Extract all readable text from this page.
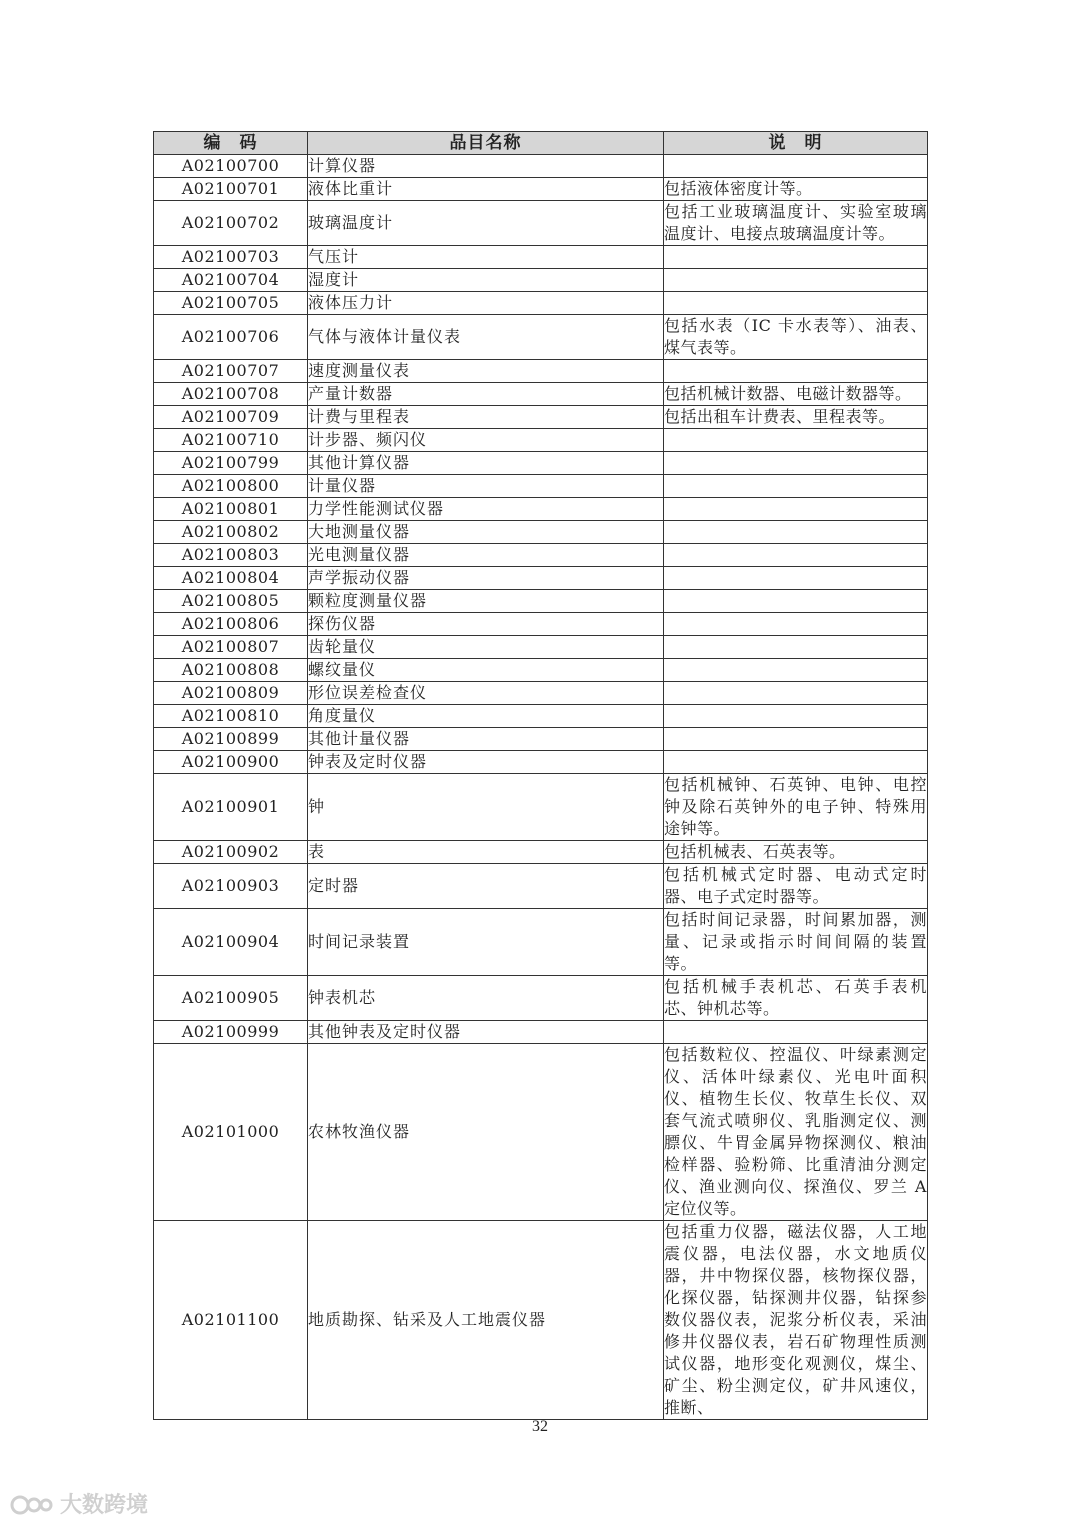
编　码	品目名称	说　明
A02100700	计算仪器	
A02100701	液体比重计	包括液体密度计等。
A02100702	玻璃温度计	包括工业玻璃温度计、实验室玻璃温度计、电接点玻璃温度计等。
A02100703	气压计	
A02100704	湿度计	
A02100705	液体压力计	
A02100706	气体与液体计量仪表	包括水表（IC 卡水表等）、油表、煤气表等。
A02100707	速度测量仪表	
A02100708	产量计数器	包括机械计数器、电磁计数器等。
A02100709	计费与里程表	包括出租车计费表、里程表等。
A02100710	计步器、频闪仪	
A02100799	其他计算仪器	
A02100800	计量仪器	
A02100801	力学性能测试仪器	
A02100802	大地测量仪器	
A02100803	光电测量仪器	
A02100804	声学振动仪器	
A02100805	颗粒度测量仪器	
A02100806	探伤仪器	
A02100807	齿轮量仪	
A02100808	螺纹量仪	
A02100809	形位误差检查仪	
A02100810	角度量仪	
A02100899	其他计量仪器	
A02100900	钟表及定时仪器	
A02100901	钟	包括机械钟、石英钟、电钟、电控钟及除石英钟外的电子钟、特殊用途钟等。
A02100902	表	包括机械表、石英表等。
A02100903	定时器	包括机械式定时器、电动式定时器、电子式定时器等。
A02100904	时间记录装置	包括时间记录器，时间累加器，测量、记录或指示时间间隔的装置等。
A02100905	钟表机芯	包括机械手表机芯、石英手表机芯、钟机芯等。
A02100999	其他钟表及定时仪器	
A02101000	农林牧渔仪器	包括数粒仪、控温仪、叶绿素测定仪、活体叶绿素仪、光电叶面积仪、植物生长仪、牧草生长仪、双套气流式喷卵仪、乳脂测定仪、测膘仪、牛胃金属异物探测仪、粮油检样器、验粉筛、比重清油分测定仪、渔业测向仪、探渔仪、罗兰 A 定位仪等。
A02101100	地质勘探、钻采及人工地震仪器	包括重力仪器，磁法仪器，人工地震仪器，电法仪器，水文地质仪器，井中物探仪器，核物探仪器，化探仪器，钻探测井仪器，钻探参数仪器仪表，泥浆分析仪表，采油修井仪器仪表，岩石矿物理性质测试仪器，地形变化观测仪，煤尘、矿尘、粉尘测定仪，矿井风速仪，推断、
32
大数跨境
